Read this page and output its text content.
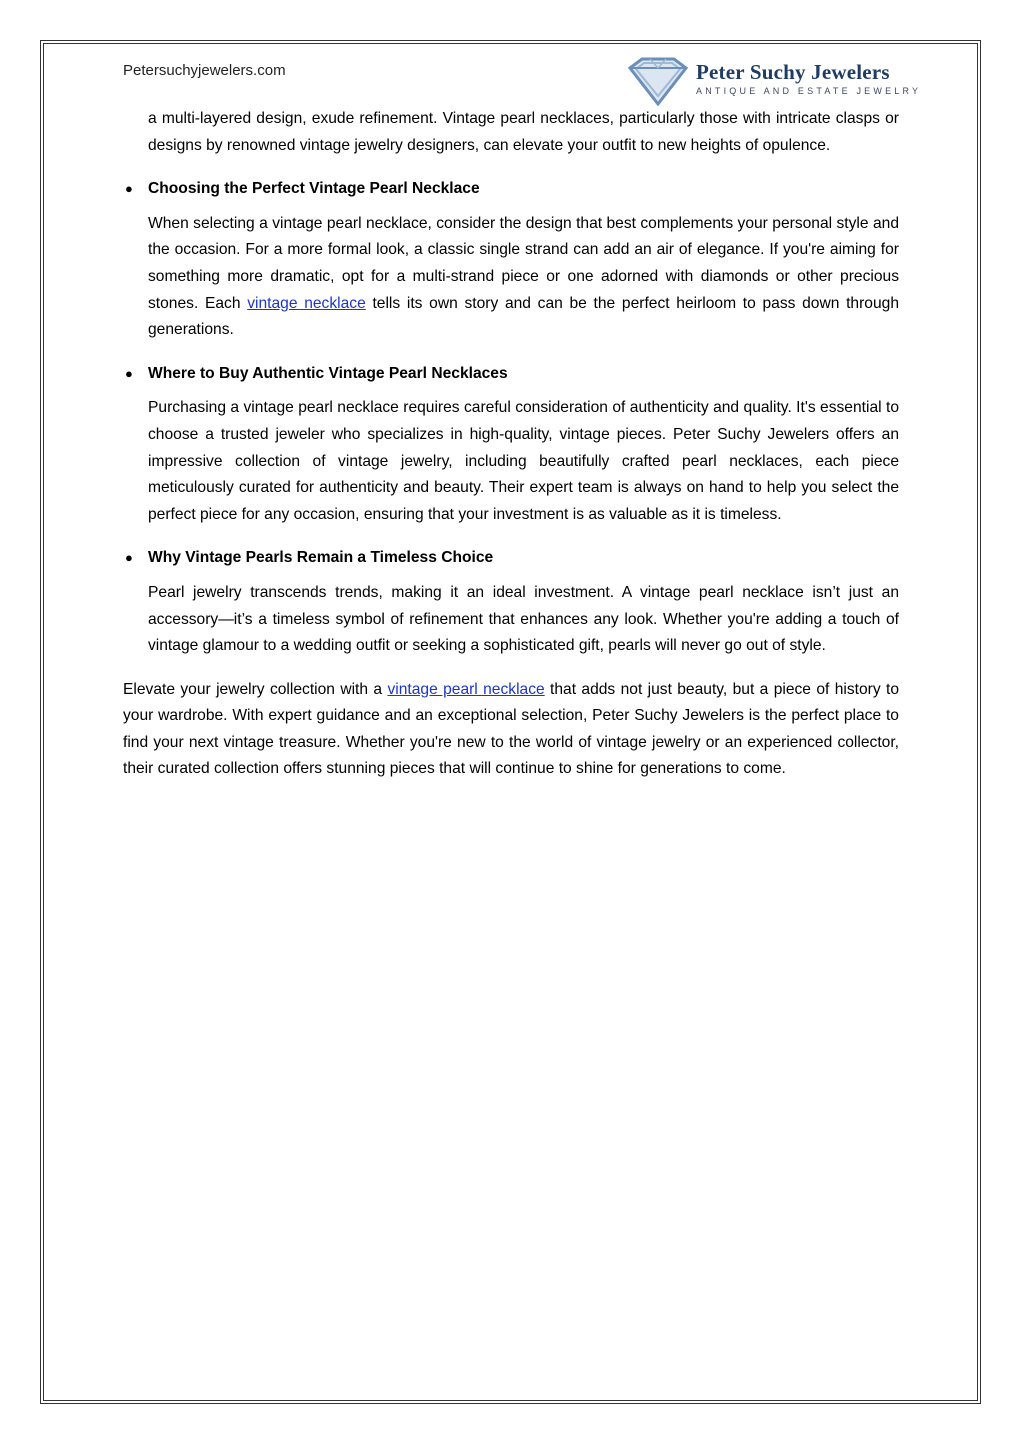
Petersuchyjewelers.com	Peter Suchy Jewelers
ANTIQUE AND ESTATE JEWELRY

a multi-layered design, exude refinement. Vintage pearl necklaces, particularly those with intricate clasps or designs by renowned vintage jewelry designers, can elevate your outfit to new heights of opulence.

● Choosing the Perfect Vintage Pearl Necklace

When selecting a vintage pearl necklace, consider the design that best complements your personal style and the occasion. For a more formal look, a classic single strand can add an air of elegance. If you're aiming for something more dramatic, opt for a multi-strand piece or one adorned with diamonds or other precious stones. Each vintage necklace tells its own story and can be the perfect heirloom to pass down through generations.

● Where to Buy Authentic Vintage Pearl Necklaces

Purchasing a vintage pearl necklace requires careful consideration of authenticity and quality. It's essential to choose a trusted jeweler who specializes in high-quality, vintage pieces. Peter Suchy Jewelers offers an impressive collection of vintage jewelry, including beautifully crafted pearl necklaces, each piece meticulously curated for authenticity and beauty. Their expert team is always on hand to help you select the perfect piece for any occasion, ensuring that your investment is as valuable as it is timeless.

● Why Vintage Pearls Remain a Timeless Choice

Pearl jewelry transcends trends, making it an ideal investment. A vintage pearl necklace isn’t just an accessory—it’s a timeless symbol of refinement that enhances any look. Whether you're adding a touch of vintage glamour to a wedding outfit or seeking a sophisticated gift, pearls will never go out of style.

Elevate your jewelry collection with a vintage pearl necklace that adds not just beauty, but a piece of history to your wardrobe. With expert guidance and an exceptional selection, Peter Suchy Jewelers is the perfect place to find your next vintage treasure. Whether you're new to the world of vintage jewelry or an experienced collector, their curated collection offers stunning pieces that will continue to shine for generations to come.
